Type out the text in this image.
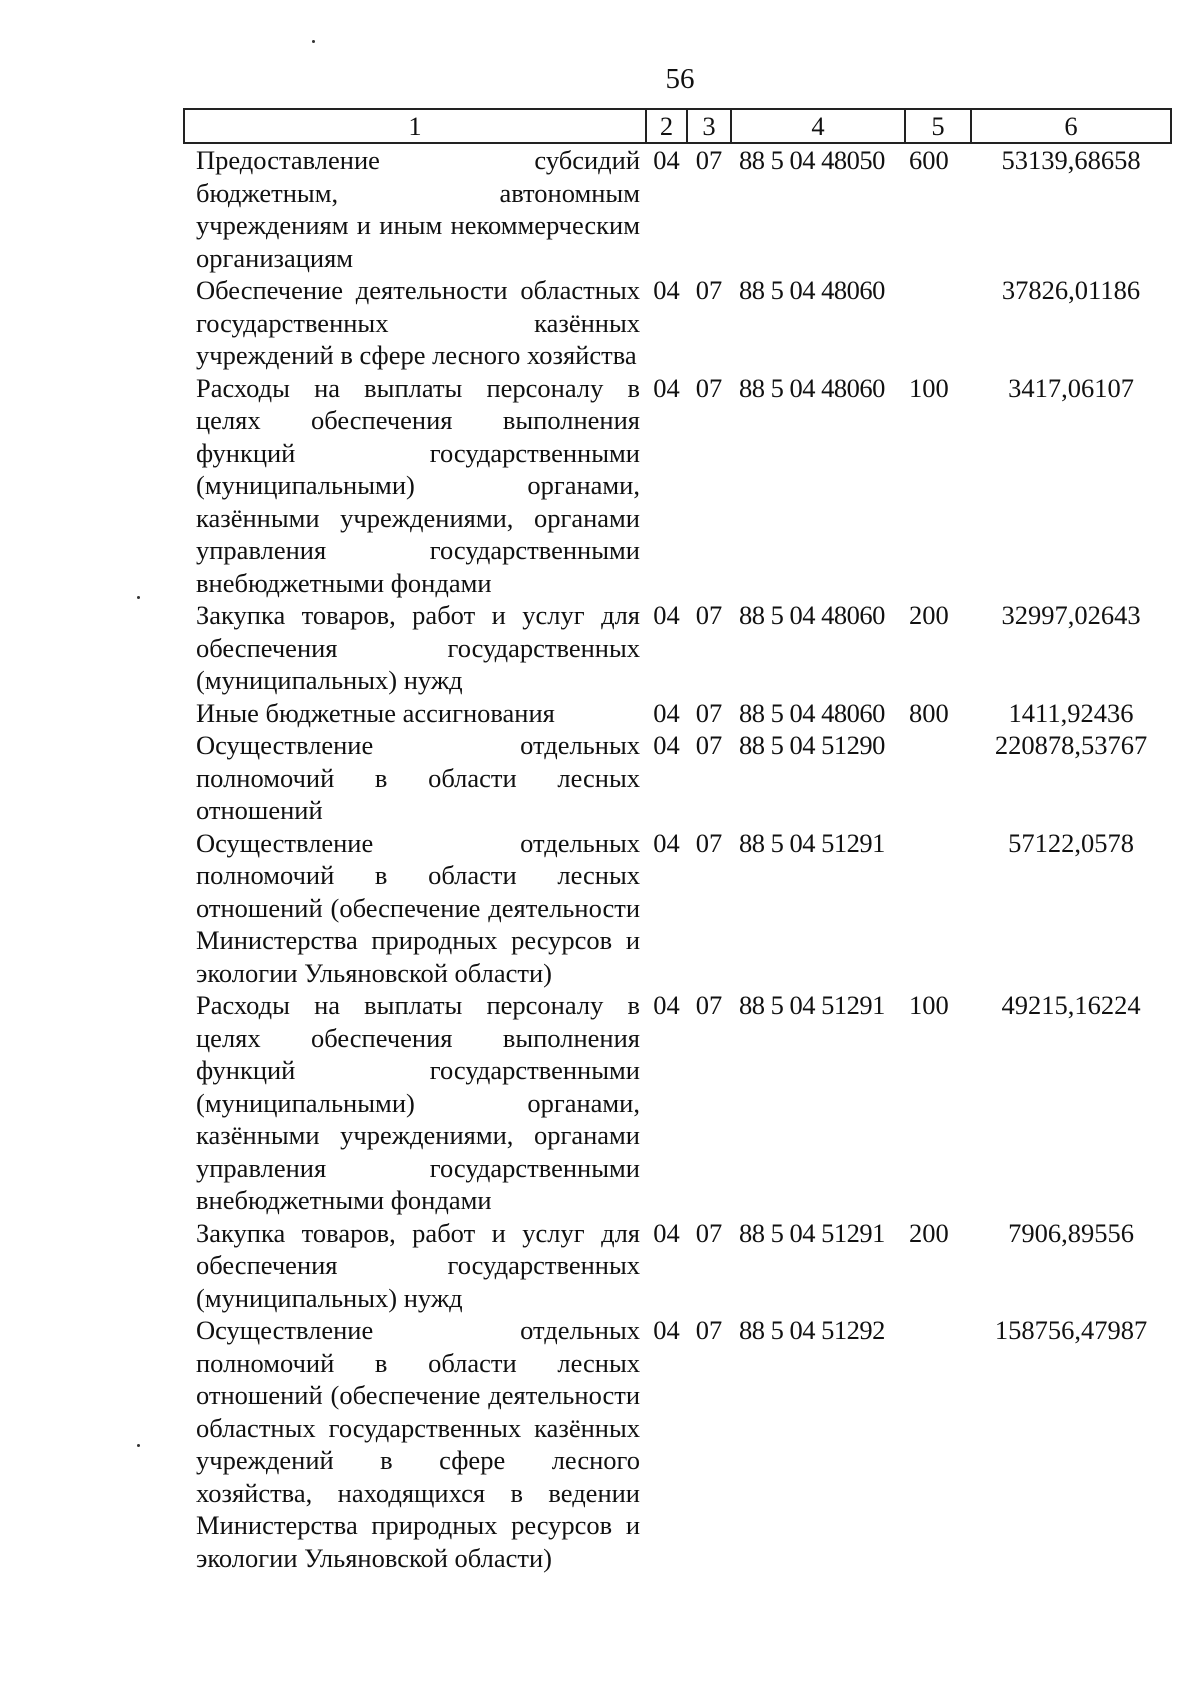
56
1	2	3	4	5	6
Предоставление субсидий бюджетным, автономным учреждениям и иным некоммерческим организациям	04	07	88 5 04 48050	600	53139,68658
Обеспечение деятельности областных государственных казённых учреждений в сфере лесного хозяйства	04	07	88 5 04 48060		37826,01186
Расходы на выплаты персоналу в целях обеспечения выполнения функций государственными (муниципальными) органами, казёнными учреждениями, органами управления государственными внебюджетными фондами	04	07	88 5 04 48060	100	3417,06107
Закупка товаров, работ и услуг для обеспечения государственных (муниципальных) нужд	04	07	88 5 04 48060	200	32997,02643
Иные бюджетные ассигнования	04	07	88 5 04 48060	800	1411,92436
Осуществление отдельных полномочий в области лесных отношений	04	07	88 5 04 51290		220878,53767
Осуществление отдельных полномочий в области лесных отношений (обеспечение деятельности Министерства природных ресурсов и экологии Ульяновской области)	04	07	88 5 04 51291		57122,0578
Расходы на выплаты персоналу в целях обеспечения выполнения функций государственными (муниципальными) органами, казёнными учреждениями, органами управления государственными внебюджетными фондами	04	07	88 5 04 51291	100	49215,16224
Закупка товаров, работ и услуг для обеспечения государственных (муниципальных) нужд	04	07	88 5 04 51291	200	7906,89556
Осуществление отдельных полномочий в области лесных отношений (обеспечение деятельности областных государственных казённых учреждений в сфере лесного хозяйства, находящихся в ведении Министерства природных ресурсов и экологии Ульяновской области)	04	07	88 5 04 51292		158756,47987
